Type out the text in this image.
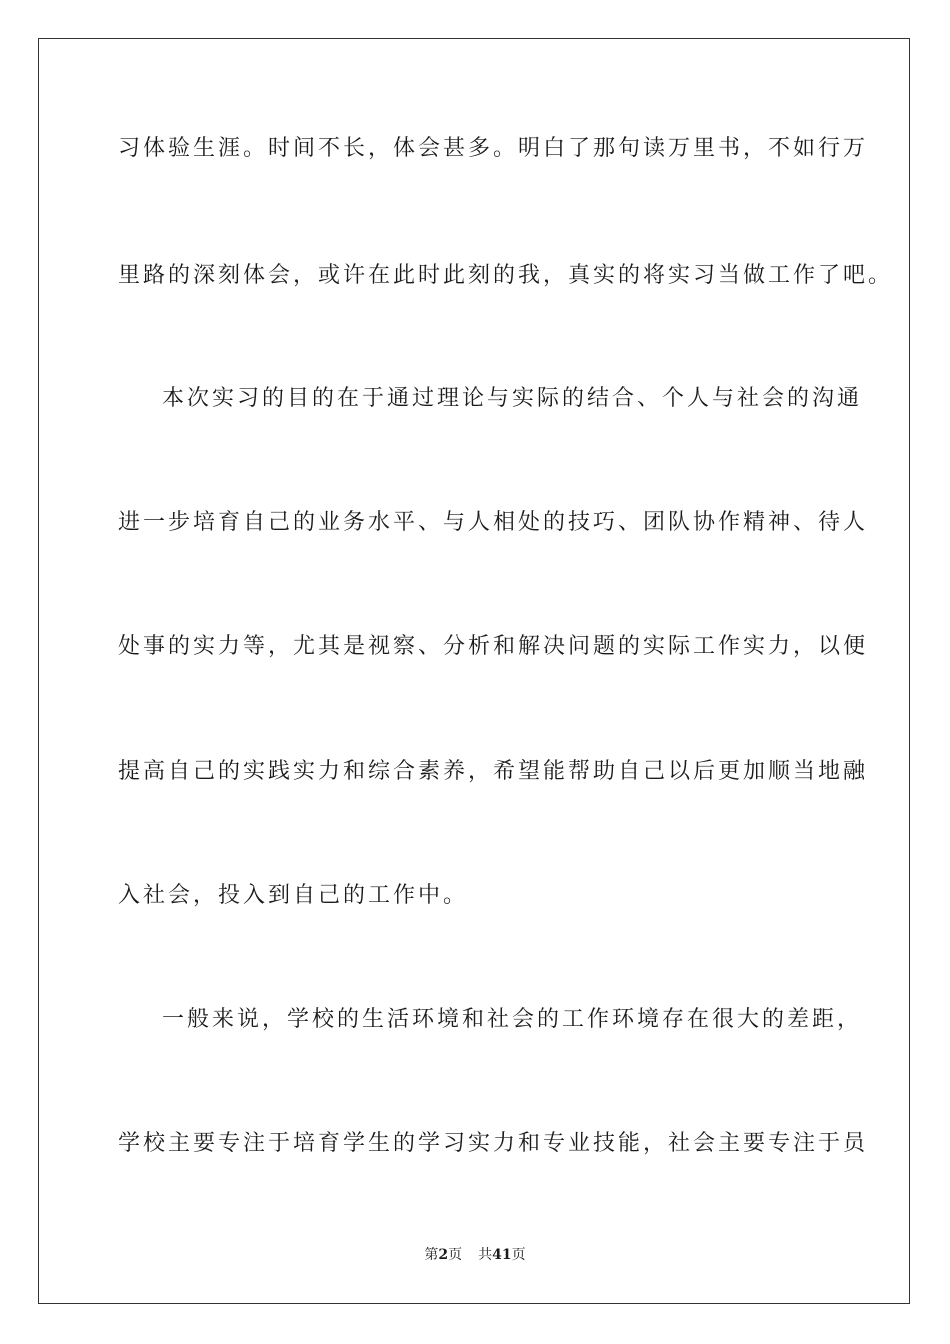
习体验生涯。时间不长，体会甚多。明白了那句读万里书，不如行万
里路的深刻体会，或许在此时此刻的我，真实的将实习当做工作了吧。
本次实习的目的在于通过理论与实际的结合、个人与社会的沟通
进一步培育自己的业务水平、与人相处的技巧、团队协作精神、待人
处事的实力等，尤其是视察、分析和解决问题的实际工作实力，以便
提高自己的实践实力和综合素养，希望能帮助自己以后更加顺当地融
入社会，投入到自己的工作中。
一般来说，学校的生活环境和社会的工作环境存在很大的差距，
学校主要专注于培育学生的学习实力和专业技能，社会主要专注于员
第2页 共41页
